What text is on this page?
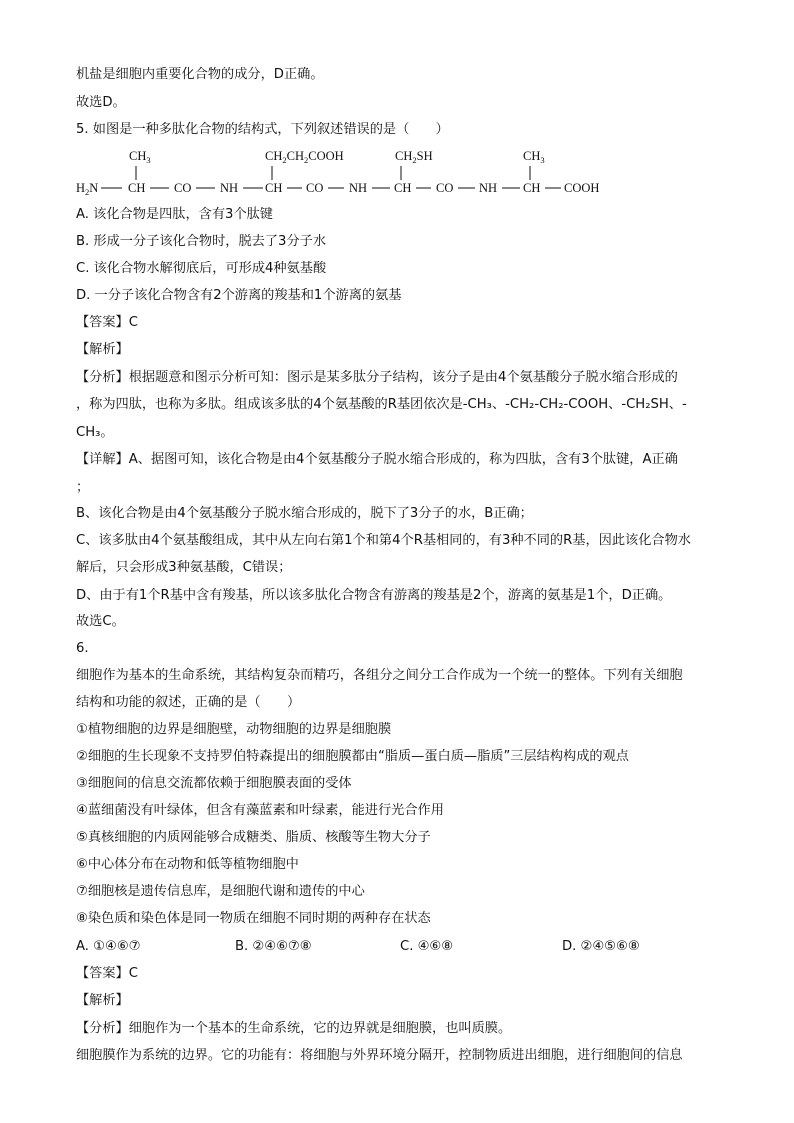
机盐是细胞内重要化合物的成分，D正确。
故选D。
5. 如图是一种多肽化合物的结构式，下列叙述错误的是（　　）
$CH_3$	$CH_2CH_2COOH$	$CH_2SH$	$CH_3$
$H_2N$ CH CO NH CH CO NH CH CO NH CH COOH
A. 该化合物是四肽，含有3个肽键
B. 形成一分子该化合物时，脱去了3分子水
C. 该化合物水解彻底后，可形成4种氨基酸
D. 一分子该化合物含有2个游离的羧基和1个游离的氨基
【答案】C
【解析】
【分析】根据题意和图示分析可知：图示是某多肽分子结构，该分子是由4个氨基酸分子脱水缩合形成的
，称为四肽，也称为多肽。组成该多肽的4个氨基酸的R基团依次是-CH₃、-CH₂-CH₂-COOH、-CH₂SH、-
CH₃。
【详解】A、据图可知，该化合物是由4个氨基酸分子脱水缩合形成的，称为四肽，含有3个肽键，A正确
；
B、该化合物是由4个氨基酸分子脱水缩合形成的，脱下了3分子的水，B正确；
C、该多肽由4个氨基酸组成，其中从左向右第1个和第4个R基相同的，有3种不同的R基，因此该化合物水
解后，只会形成3种氨基酸，C错误；
D、由于有1个R基中含有羧基，所以该多肽化合物含有游离的羧基是2个，游离的氨基是1个，D正确。
故选C。
6.
细胞作为基本的生命系统，其结构复杂而精巧，各组分之间分工合作成为一个统一的整体。下列有关细胞
结构和功能的叙述，正确的是（　　）
①植物细胞的边界是细胞壁，动物细胞的边界是细胞膜
②细胞的生长现象不支持罗伯特森提出的细胞膜都由“脂质—蛋白质—脂质”三层结构构成的观点
③细胞间的信息交流都依赖于细胞膜表面的受体
④蓝细菌没有叶绿体，但含有藻蓝素和叶绿素，能进行光合作用
⑤真核细胞的内质网能够合成糖类、脂质、核酸等生物大分子
⑥中心体分布在动物和低等植物细胞中
⑦细胞核是遗传信息库，是细胞代谢和遗传的中心
⑧染色质和染色体是同一物质在细胞不同时期的两种存在状态
A. ①④⑥⑦	B. ②④⑥⑦⑧	C. ④⑥⑧	D. ②④⑤⑥⑧
【答案】C
【解析】
【分析】细胞作为一个基本的生命系统，它的边界就是细胞膜，也叫质膜。
细胞膜作为系统的边界。它的功能有：将细胞与外界环境分隔开，控制物质进出细胞，进行细胞间的信息
